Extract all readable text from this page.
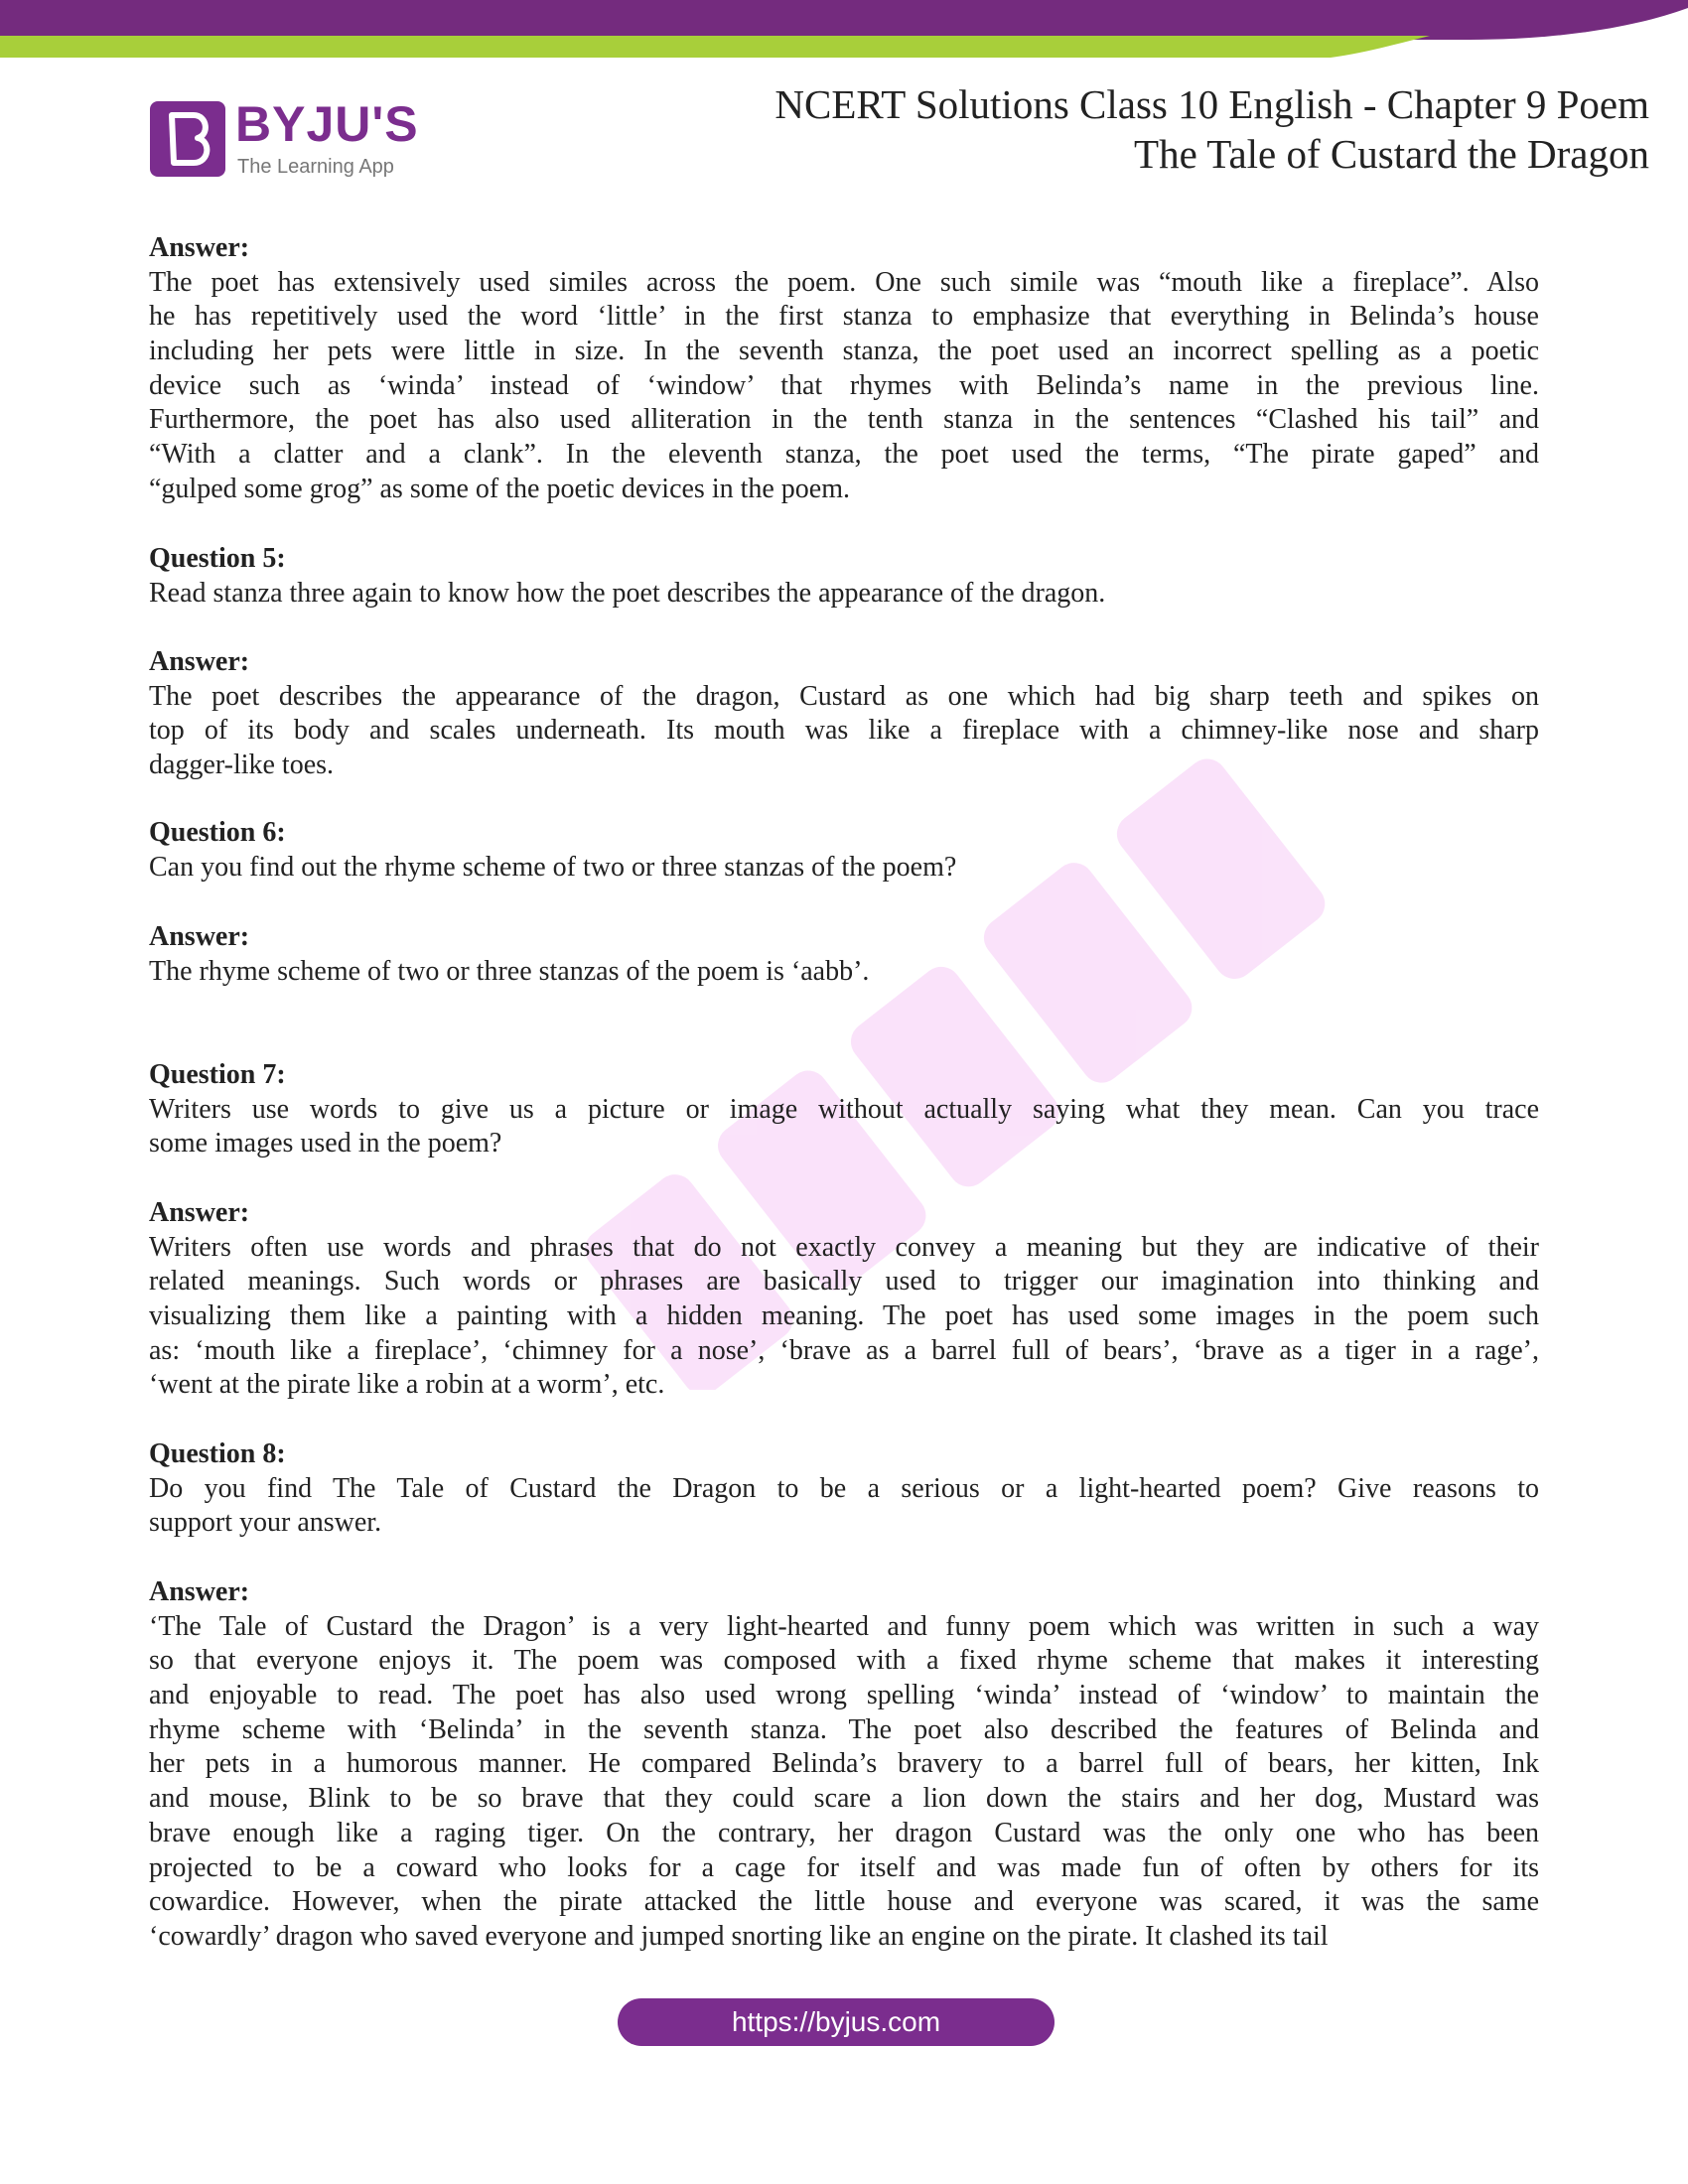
BYJU'S
The Learning App
NCERT Solutions Class 10 English - Chapter 9 Poem
The Tale of Custard the Dragon
Answer:
The poet has extensively used similes across the poem. One such simile was “mouth like a fireplace”. Also
he has repetitively used the word ‘little’ in the first stanza to emphasize that everything in Belinda’s house
including her pets were little in size. In the seventh stanza, the poet used an incorrect spelling as a poetic
device such as ‘winda’ instead of ‘window’ that rhymes with Belinda’s name in the previous line.
Furthermore, the poet has also used alliteration in the tenth stanza in the sentences “Clashed his tail” and
“With a clatter and a clank”. In the eleventh stanza, the poet used the terms, “The pirate gaped” and
“gulped some grog” as some of the poetic devices in the poem.
Question 5:
Read stanza three again to know how the poet describes the appearance of the dragon.
Answer:
The poet describes the appearance of the dragon, Custard as one which had big sharp teeth and spikes on
top of its body and scales underneath. Its mouth was like a fireplace with a chimney-like nose and sharp
dagger-like toes.
Question 6:
Can you find out the rhyme scheme of two or three stanzas of the poem?
Answer:
The rhyme scheme of two or three stanzas of the poem is ‘aabb’.
Question 7:
Writers use words to give us a picture or image without actually saying what they mean. Can you trace
some images used in the poem?
Answer:
Writers often use words and phrases that do not exactly convey a meaning but they are indicative of their
related meanings. Such words or phrases are basically used to trigger our imagination into thinking and
visualizing them like a painting with a hidden meaning. The poet has used some images in the poem such
as: ‘mouth like a fireplace’, ‘chimney for a nose’, ‘brave as a barrel full of bears’, ‘brave as a tiger in a rage’,
‘went at the pirate like a robin at a worm’, etc.
Question 8:
Do you find The Tale of Custard the Dragon to be a serious or a light-hearted poem? Give reasons to
support your answer.
Answer:
‘The Tale of Custard the Dragon’ is a very light-hearted and funny poem which was written in such a way
so that everyone enjoys it. The poem was composed with a fixed rhyme scheme that makes it interesting
and enjoyable to read. The poet has also used wrong spelling ‘winda’ instead of ‘window’ to maintain the
rhyme scheme with ‘Belinda’ in the seventh stanza. The poet also described the features of Belinda and
her pets in a humorous manner. He compared Belinda’s bravery to a barrel full of bears, her kitten, Ink
and mouse, Blink to be so brave that they could scare a lion down the stairs and her dog, Mustard was
brave enough like a raging tiger. On the contrary, her dragon Custard was the only one who has been
projected to be a coward who looks for a cage for itself and was made fun of often by others for its
cowardice. However, when the pirate attacked the little house and everyone was scared, it was the same
‘cowardly’ dragon who saved everyone and jumped snorting like an engine on the pirate. It clashed its tail
https://byjus.com
